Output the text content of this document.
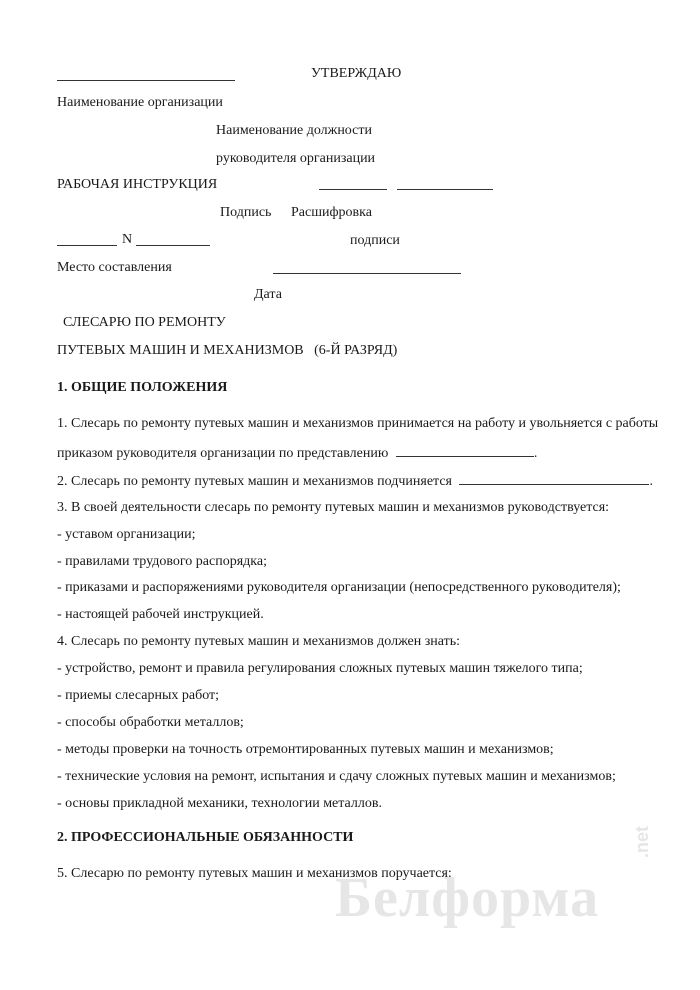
Белформа
.net
УТВЕРЖДАЮ
Наименование организации
Наименование должности
руководителя организации
РАБОЧАЯ ИНСТРУКЦИЯ
Подпись Расшифровка
N	подписи
Место составления
Дата
СЛЕСАРЮ ПО РЕМОНТУ
ПУТЕВЫХ МАШИН И МЕХАНИЗМОВ   (6-Й РАЗРЯД)
1. ОБЩИЕ ПОЛОЖЕНИЯ
1. Слесарь по ремонту путевых машин и механизмов принимается на работу и увольняется с работы
приказом руководителя организации по представлению	.
2. Слесарь по ремонту путевых машин и механизмов подчиняется	.
3. В своей деятельности слесарь по ремонту путевых машин и механизмов руководствуется:
- уставом организации;
- правилами трудового распорядка;
- приказами и распоряжениями руководителя организации (непосредственного руководителя);
- настоящей рабочей инструкцией.
4. Слесарь по ремонту путевых машин и механизмов должен знать:
- устройство, ремонт и правила регулирования сложных путевых машин тяжелого типа;
- приемы слесарных работ;
- способы обработки металлов;
- методы проверки на точность отремонтированных путевых машин и механизмов;
- технические условия на ремонт, испытания и сдачу сложных путевых машин и механизмов;
- основы прикладной механики, технологии металлов.
2. ПРОФЕССИОНАЛЬНЫЕ ОБЯЗАННОСТИ
5. Слесарю по ремонту путевых машин и механизмов поручается:
